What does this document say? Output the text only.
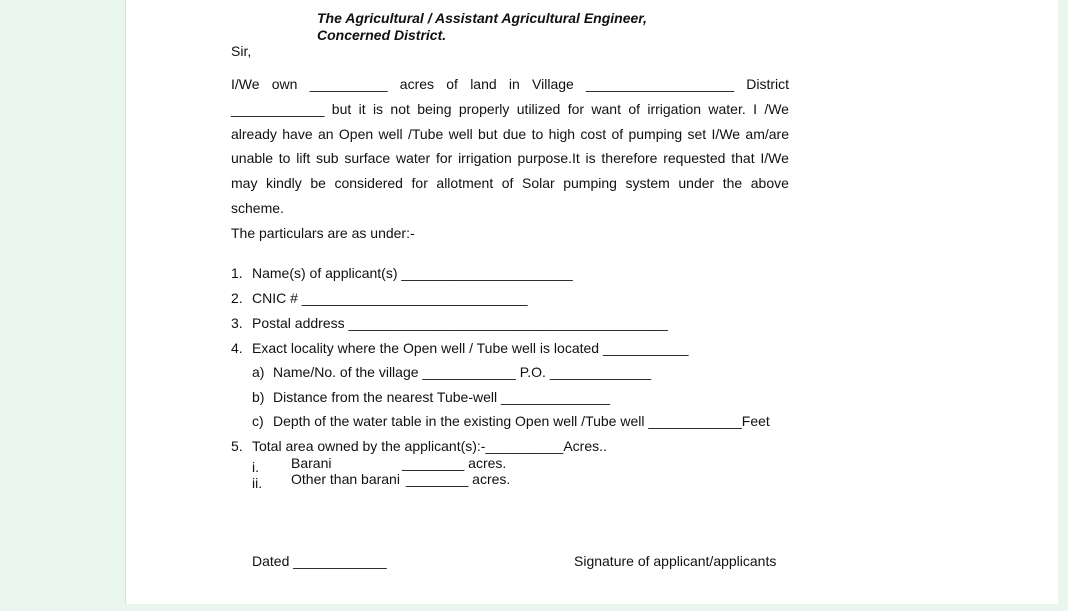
The Agricultural / Assistant Agricultural Engineer,
Concerned District.
Sir,
I/We own __________ acres of land in Village ___________________ District
____________ but it is not being properly utilized for want of irrigation water. I /We
already have an Open well /Tube well but due to high cost of pumping set I/We am/are
unable to lift sub surface water for irrigation purpose.It is therefore requested that I/We
may kindly be considered for allotment of Solar pumping system under the above
scheme.
The particulars are as under:-
1. Name(s) of applicant(s) ______________________
2. CNIC # _____________________________
3. Postal address _________________________________________
4. Exact locality where the Open well / Tube well is located ___________
a) Name/No. of the village ____________ P.O. _____________
b) Distance from the nearest Tube-well ______________
c) Depth of the water table in the existing Open well /Tube well ____________Feet
5. Total area owned by the applicant(s):-__________Acres..
i. Barani	________ acres.
ii. Other than barani ________ acres.
Dated ____________	Signature of applicant/applicants
